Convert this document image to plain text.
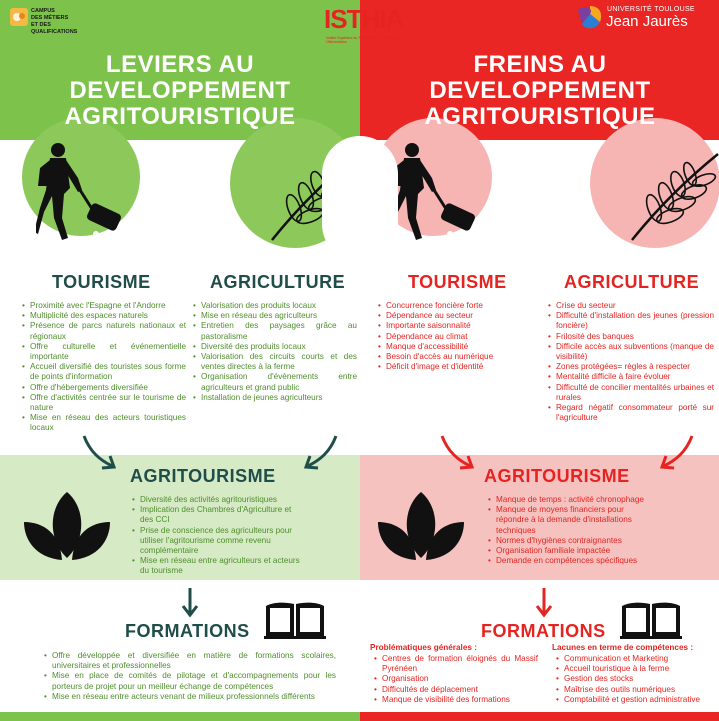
CAMPUS
DES MÉTIERS
ET DES
QUALIFICATIONS
LEVIERS AU
DEVELOPPEMENT
AGRITOURISTIQUE
TOURISME	AGRICULTURE
• Proximité avec l'Espagne et l'Andorre
• Multiplicité des espaces naturels
• Présence de parcs naturels nationaux et régionaux
• Offre culturelle et événementielle importante
• Accueil diversifié des touristes sous forme de points d'information
• Offre d'hébergements diversifiée
• Offre d'activités centrée sur le tourisme de nature
• Mise en réseau des acteurs touristiques locaux
• Valorisation des produits locaux
• Mise en réseau des agriculteurs
• Entretien des paysages grâce au pastoralisme
• Diversité des produits locaux
• Valorisation des circuits courts et des ventes directes à la ferme
• Organisation d'évènements entre agriculteurs et grand public
• Installation de jeunes agriculteurs
AGRITOURISME
• Diversité des activités agritouristiques
• Implication des Chambres d'Agriculture et des CCI
• Prise de conscience des agriculteurs pour utiliser l'agritourisme comme revenu complémentaire
• Mise en réseau entre agriculteurs et acteurs du tourisme
FORMATIONS
• Offre développée et diversifiée en matière de formations scolaires, universitaires et professionnelles
• Mise en place de comités de pilotage et d'accompagnements pour les porteurs de projet pour un meilleur échange de compétences
• Mise en réseau entre acteurs venant de milieux professionnels différents
UNIVERSITÉ TOULOUSE
Jean Jaurès
FREINS AU
DEVELOPPEMENT
AGRITOURISTIQUE
TOURISME	AGRICULTURE
• Concurrence foncière forte
• Dépendance au secteur
• Importante saisonnalité
• Dépendance au climat
• Manque d'accessibilité
• Besoin d'accès au numérique
• Déficit d'image et d'identité
• Crise du secteur
• Difficulté d'installation des jeunes (pression foncière)
• Frilosité des banques
• Difficile accès aux subventions (manque de visibilité)
• Zones protégées= règles à respecter
• Mentalité difficile à faire évoluer
• Difficulté de concilier mentalités urbaines et rurales
• Regard négatif consommateur porté sur l'agriculture
AGRITOURISME
• Manque de temps : activité chronophage
• Manque de moyens financiers pour répondre à la demande d'installations techniques
• Normes d'hygiènes contraignantes
• Organisation familiale impactée
• Demande en compétences spécifiques
FORMATIONS
Problématiques générales :
• Centres de formation éloignés du Massif Pyrénéen
• Organisation
• Difficultés de déplacement
• Manque de visibilité des formations
Lacunes en terme de compétences :
• Communication et Marketing
• Accueil touristique à la ferme
• Gestion des stocks
• Maîtrise des outils numériques
• Comptabilité et gestion administrative
ISTHIA
Institut Supérieur du Tourisme de l'Hôtellerie et de l'Alimentation
